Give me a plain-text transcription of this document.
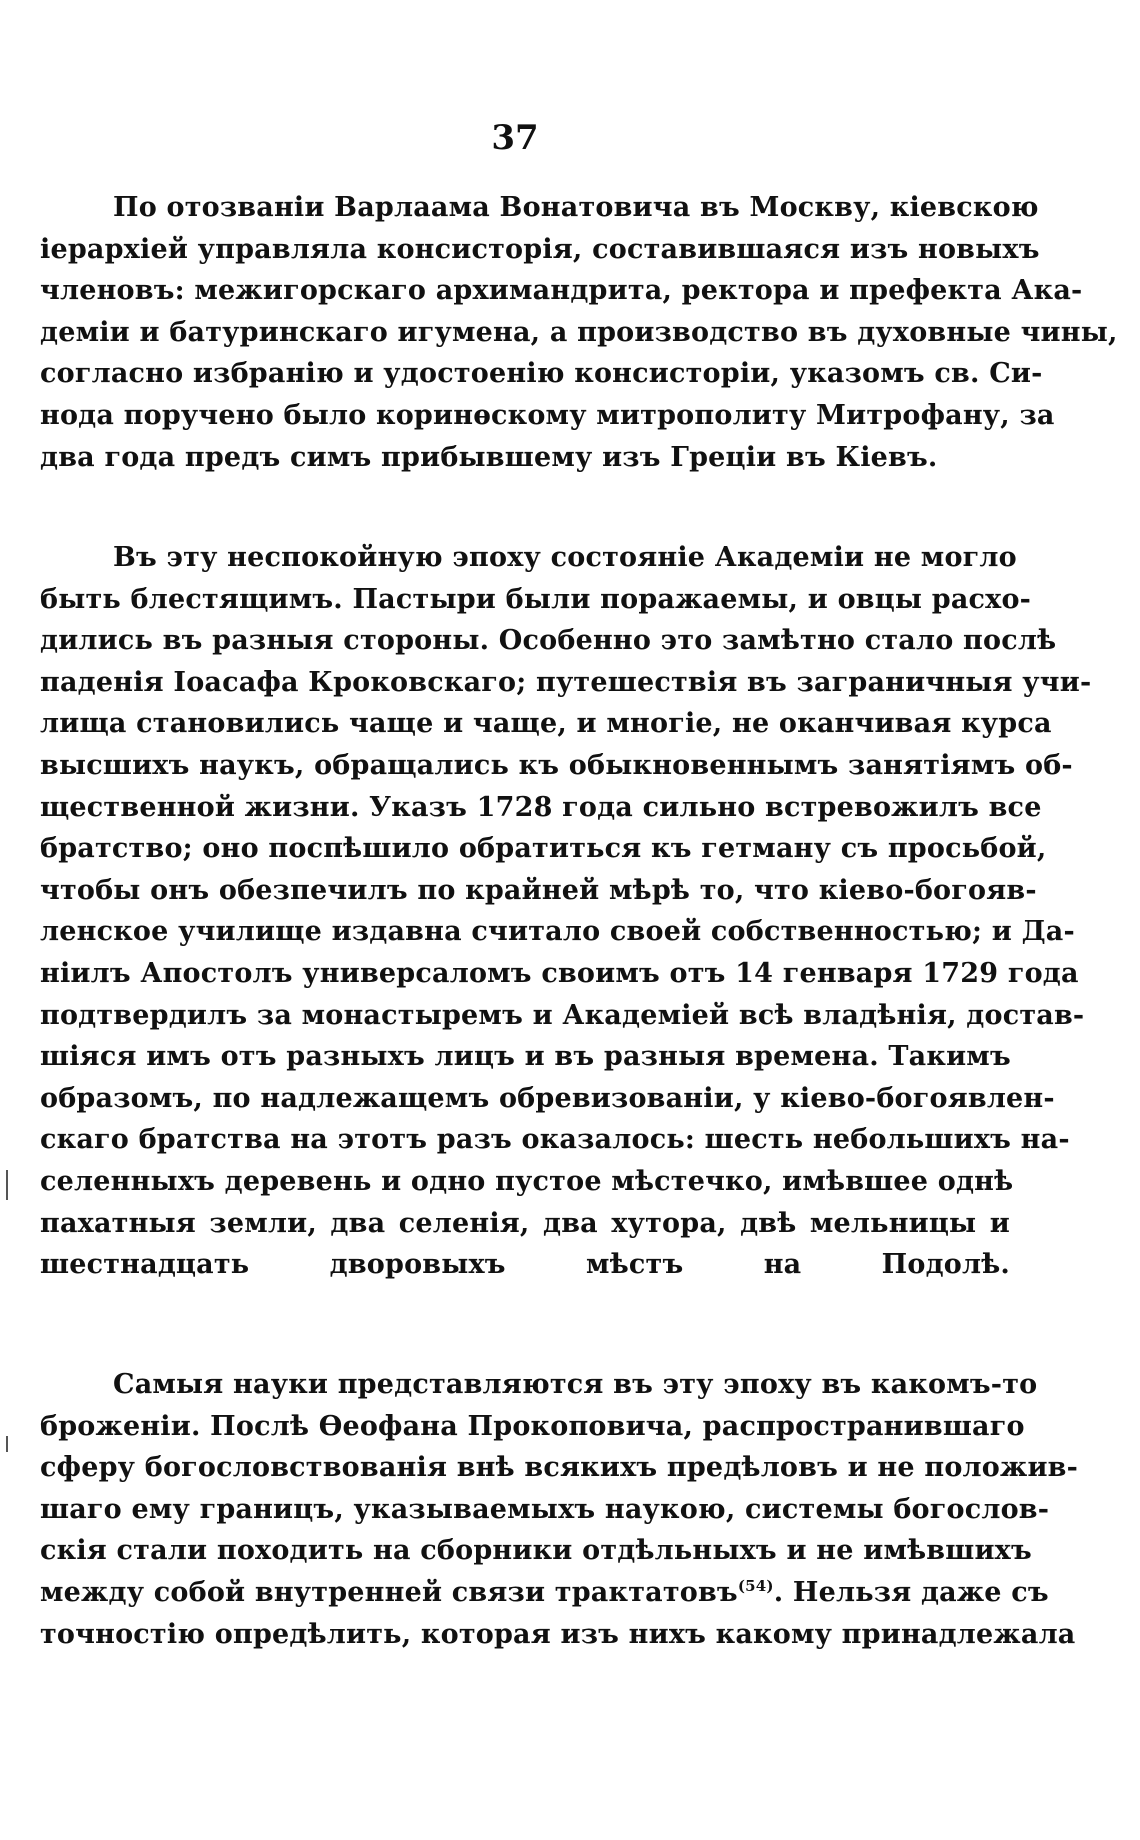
37
По отозваніи Варлаама Вонатовича въ Москву, кіевскою
іерархіей управляла консисторія, составившаяся изъ новыхъ
членовъ: межигорскаго архимандрита, ректора и префекта Ака-
деміи и батуринскаго игумена, а производство въ духовные чины,
согласно избранію и удостоенію консисторіи, указомъ св. Си-
нода поручено было коринѳскому митрополиту Митрофану, за
два года предъ симъ прибывшему изъ Греціи въ Кіевъ.
Въ эту неспокойную эпоху состояніе Академіи не могло
быть блестящимъ. Пастыри были поражаемы, и овцы расхо-
дились въ разныя стороны. Особенно это замѣтно стало послѣ
паденія Іоасафа Кроковскаго; путешествія въ заграничныя учи-
лища становились чаще и чаще, и многіе, не оканчивая курса
высшихъ наукъ, обращались къ обыкновеннымъ занятіямъ об-
щественной жизни. Указъ 1728 года сильно встревожилъ все
братство; оно поспѣшило обратиться къ гетману съ просьбой,
чтобы онъ обезпечилъ по крайней мѣрѣ то, что кіево-богояв-
ленское училище издавна считало своей собственностью; и Да-
ніилъ Апостолъ универсаломъ своимъ отъ 14 генваря 1729 года
подтвердилъ за монастыремъ и Академіей всѣ владѣнія, достав-
шіяся имъ отъ разныхъ лицъ и въ разныя времена. Такимъ
образомъ, по надлежащемъ обревизованіи, у кіево-богоявлен-
скаго братства на этотъ разъ оказалось: шесть небольшихъ на-
селенныхъ деревень и одно пустое мѣстечко, имѣвшее однѣ
пахатныя земли, два селенія, два хутора, двѣ мельницы и
шестнадцать дворовыхъ мѣстъ на Подолѣ.
Самыя науки представляются въ эту эпоху въ какомъ-то
броженіи. Послѣ Ѳеофана Прокоповича, распространившаго
сферу богословствованія внѣ всякихъ предѣловъ и не положив-
шаго ему границъ, указываемыхъ наукою, системы богослов-
скія стали походить на сборники отдѣльныхъ и не имѣвшихъ
между собой внутренней связи трактатовъ$^{(54)}$. Нельзя даже съ
точностію опредѣлить, которая изъ нихъ какому принадлежала
